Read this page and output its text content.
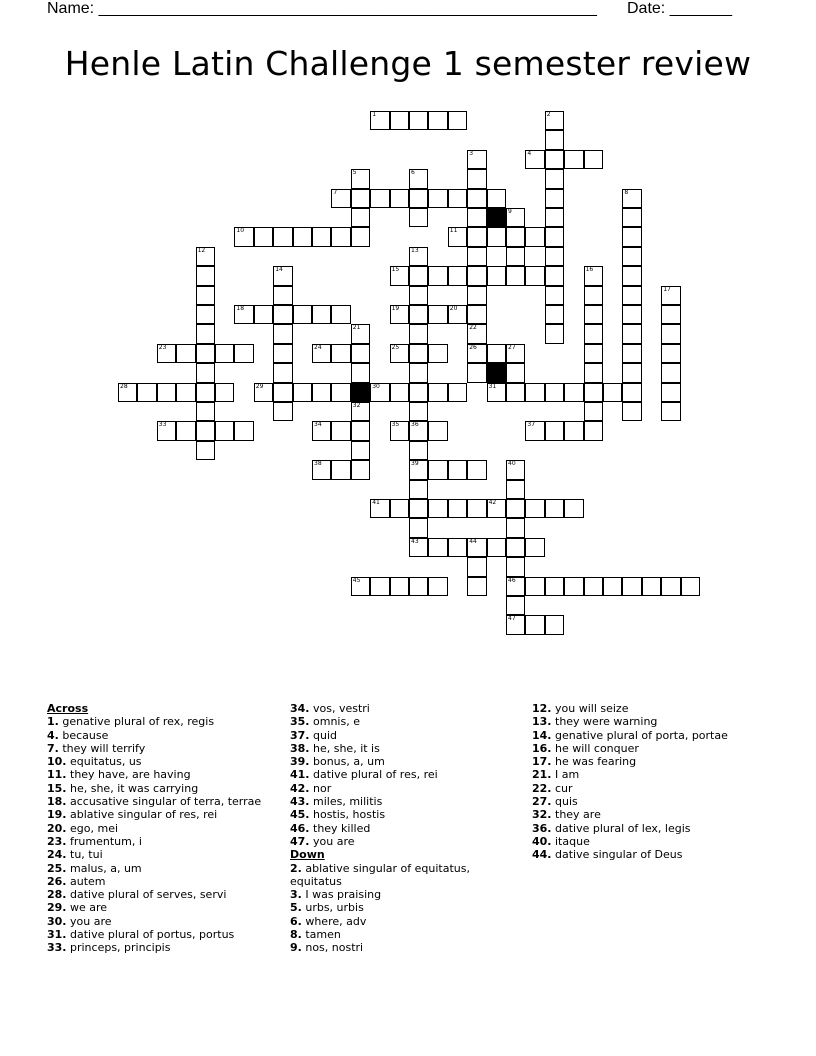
Name: ________________________________________________________ Date: _______
Henle Latin Challenge 1 semester review
1	2
3	4
5	6
7	8
9
10	11
12	13
36
39
14	15	16
17
18	19	20
21	22
26
23	24	25	27
28	29	30	31
32
33	34	35
43
37
38	40
46
47
41	42
44
45
Across
1. genative plural of rex, regis
4. because
7. they will terrify
10. equitatus, us
11. they have, are having
15. he, she, it was carrying
18. accusative singular of terra, terrae
19. ablative singular of res, rei
20. ego, mei
23. frumentum, i
24. tu, tui
25. malus, a, um
26. autem
28. dative plural of serves, servi
29. we are
30. you are
31. dative plural of portus, portus
33. princeps, principis
34. vos, vestri
35. omnis, e
37. quid
38. he, she, it is
39. bonus, a, um
41. dative plural of res, rei
42. nor
43. miles, militis
45. hostis, hostis
46. they killed
47. you are
Down
2. ablative singular of equitatus,
equitatus
3. I was praising
5. urbs, urbis
6. where, adv
8. tamen
9. nos, nostri
12. you will seize
13. they were warning
14. genative plural of porta, portae
16. he will conquer
17. he was fearing
21. I am
22. cur
27. quis
32. they are
36. dative plural of lex, legis
40. itaque
44. dative singular of Deus
